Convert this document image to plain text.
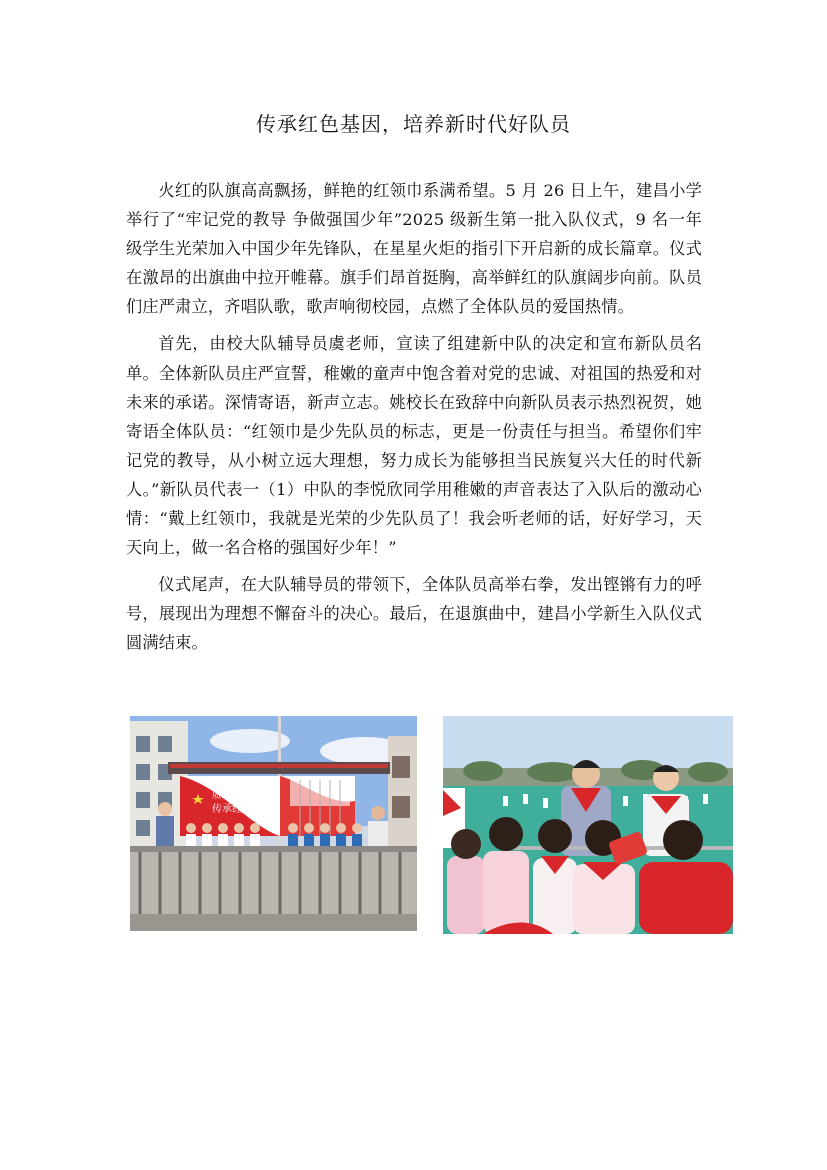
传承红色基因，培养新时代好队员

火红的队旗高高飘扬，鲜艳的红领巾系满希望。5 月 26 日上午，建昌小学举行了“牢记党的教导 争做强国少年”2025 级新生第一批入队仪式，9 名一年级学生光荣加入中国少年先锋队，在星星火炬的指引下开启新的成长篇章。仪式在激昂的出旗曲中拉开帷幕。旗手们昂首挺胸，高举鲜红的队旗阔步向前。队员们庄严肃立，齐唱队歌，歌声响彻校园，点燃了全体队员的爱国热情。

首先，由校大队辅导员虞老师，宣读了组建新中队的决定和宣布新队员名单。全体新队员庄严宣誓，稚嫩的童声中饱含着对党的忠诚、对祖国的热爱和对未来的承诺。深情寄语，新声立志。姚校长在致辞中向新队员表示热烈祝贺，她寄语全体队员：“红领巾是少先队员的标志，更是一份责任与担当。希望你们牢记党的教导，从小树立远大理想，努力成长为能够担当民族复兴大任的时代新人。”新队员代表一（1）中队的李悦欣同学用稚嫩的声音表达了入队后的激动心情：“戴上红领巾，我就是光荣的少先队员了！我会听老师的话，好好学习，天天向上，做一名合格的强国好少年！”

仪式尾声，在大队辅导员的带领下，全体队员高举右拳，发出铿锵有力的呼号，展现出为理想不懈奋斗的决心。最后，在退旗曲中，建昌小学新生入队仪式圆满结束。

赓续红色传统
传承红色基因
